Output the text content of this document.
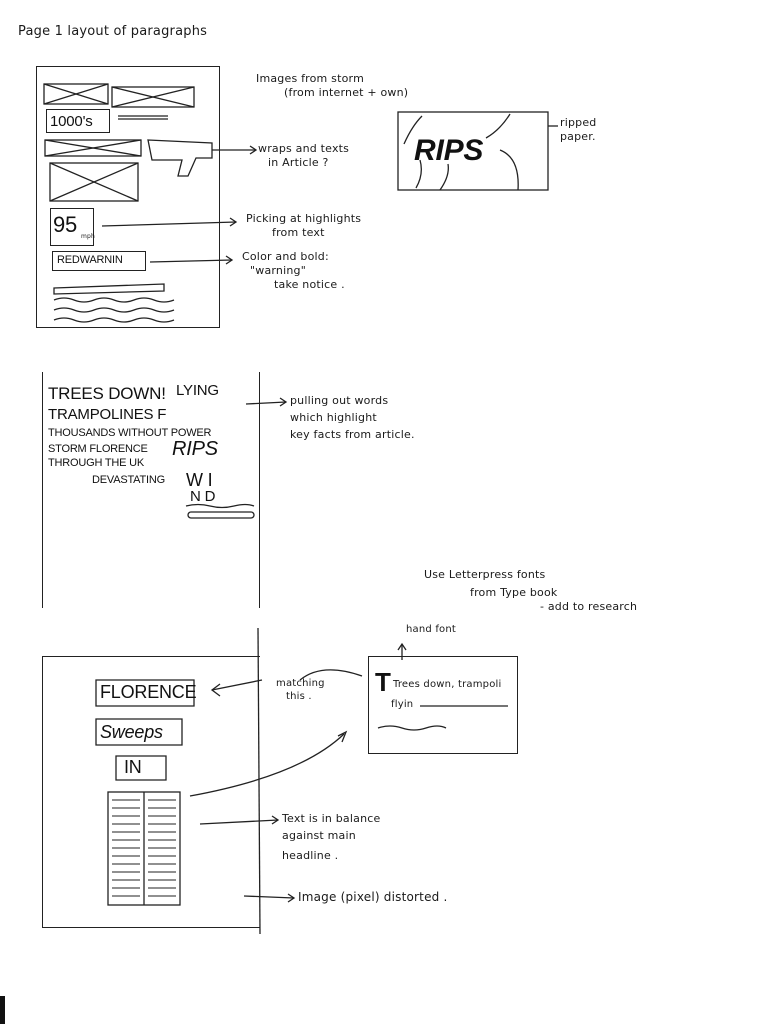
Page 1 layout of paragraphs
1000's
95 mph
REDWARNIN
Images from storm
(from internet + own)
wraps and texts
in Article ?
Picking at highlights
from text
Color and bold:
"warning"
take notice .
RIPS
ripped
paper.
TREES DOWN!
TRAMPOLINES F
THOUSANDS WITHOUT POWER
STORM FLORENCE
THROUGH THE UK
DEVASTATING
LYING
RIPS
W I
N D
pulling out words
which highlight
key facts from article.
FLORENCE
Sweeps
IN
matching
this .
Use Letterpress fonts
from Type book
- add to research
hand font
T Trees down, trampoli
flyin
Text is in balance
against main
headline .
Image (pixel) distorted .
